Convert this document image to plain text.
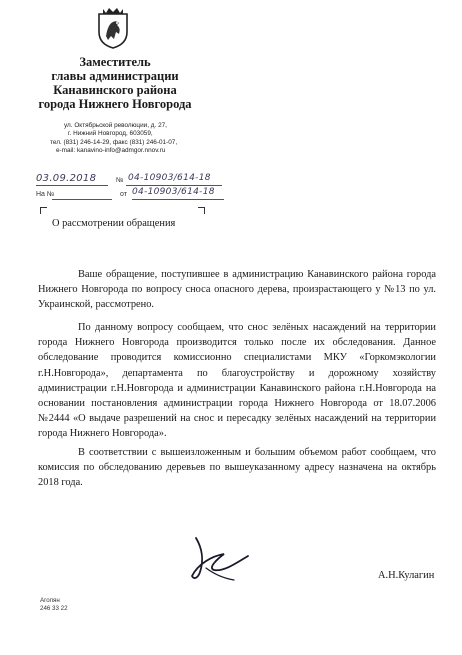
Заместитель
главы администрации
Канавинского района
города Нижнего Новгорода
ул. Октябрьской революции, д. 27,
г. Нижний Новгород, 603059,
тел. (831) 246-14-29, факс (831) 246-01-07,
e-mail: kanavino-info@admgor.nnov.ru
03.09.2018	№ 04-10903/614-18
На №	от 04-10903/614-18
О рассмотрении обращения

Ваше обращение, поступившее в администрацию Канавинского района города Нижнего Новгорода по вопросу сноса опасного дерева, произрастающего у №13 по ул. Украинской, рассмотрено.

По данному вопросу сообщаем, что снос зелёных насаждений на территории города Нижнего Новгорода производится только после их обследования. Данное обследование проводится комиссионно специалистами МКУ «Горкомэкологии г.Н.Новгорода», департамента по благоустройству и дорожному хозяйству администрации г.Н.Новгорода и администрации Канавинского района г.Н.Новгорода на основании постановления администрации города Нижнего Новгорода от 18.07.2006 №2444 «О выдаче разрешений на снос и пересадку зелёных насаждений на территории города Нижнего Новгорода».

В соответствии с вышеизложенным и большим объемом работ сообщаем, что комиссия по обследованию деревьев по вышеуказанному адресу назначена на октябрь 2018 года.

А.Н.Кулагин
Агопян
246 33 22
